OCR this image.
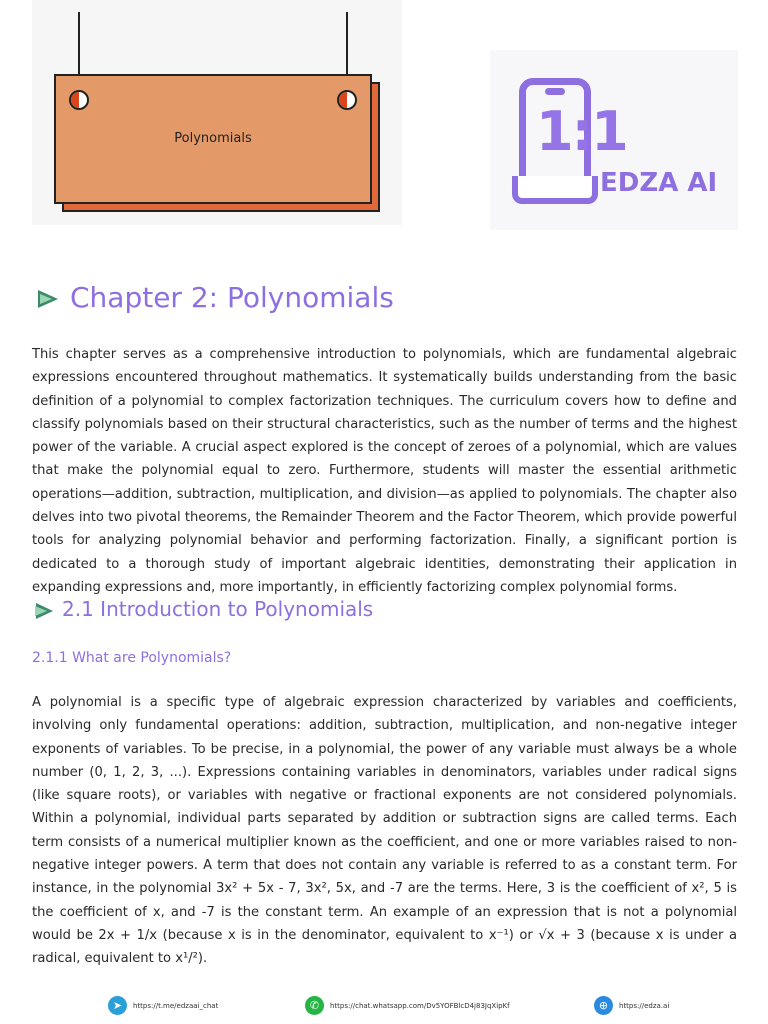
Polynomials	1:1
EDZA AI
Chapter 2: Polynomials
This chapter serves as a comprehensive introduction to polynomials, which are fundamental algebraic expressions encountered throughout mathematics. It systematically builds understanding from the basic definition of a polynomial to complex factorization techniques. The curriculum covers how to define and classify polynomials based on their structural characteristics, such as the number of terms and the highest power of the variable. A crucial aspect explored is the concept of zeroes of a polynomial, which are values that make the polynomial equal to zero. Furthermore, students will master the essential arithmetic operations—addition, subtraction, multiplication, and division—as applied to polynomials. The chapter also delves into two pivotal theorems, the Remainder Theorem and the Factor Theorem, which provide powerful tools for analyzing polynomial behavior and performing factorization. Finally, a significant portion is dedicated to a thorough study of important algebraic identities, demonstrating their application in expanding expressions and, more importantly, in efficiently factorizing complex polynomial forms.
2.1 Introduction to Polynomials
2.1.1 What are Polynomials?
A polynomial is a specific type of algebraic expression characterized by variables and coefficients, involving only fundamental operations: addition, subtraction, multiplication, and non-negative integer exponents of variables. To be precise, in a polynomial, the power of any variable must always be a whole number (0, 1, 2, 3, ...). Expressions containing variables in denominators, variables under radical signs (like square roots), or variables with negative or fractional exponents are not considered polynomials. Within a polynomial, individual parts separated by addition or subtraction signs are called terms. Each term consists of a numerical multiplier known as the coefficient, and one or more variables raised to non-negative integer powers. A term that does not contain any variable is referred to as a constant term. For instance, in the polynomial 3x² + 5x - 7, 3x², 5x, and -7 are the terms. Here, 3 is the coefficient of x², 5 is the coefficient of x, and -7 is the constant term. An example of an expression that is not a polynomial would be 2x + 1/x (because x is in the denominator, equivalent to x⁻¹) or √x + 3 (because x is under a radical, equivalent to x¹/²).
➤	https://t.me/edzaai_chat	✆	https://chat.whatsapp.com/Dv5YOFBlcD4j83JqXipKf	⊕	https://edza.ai
